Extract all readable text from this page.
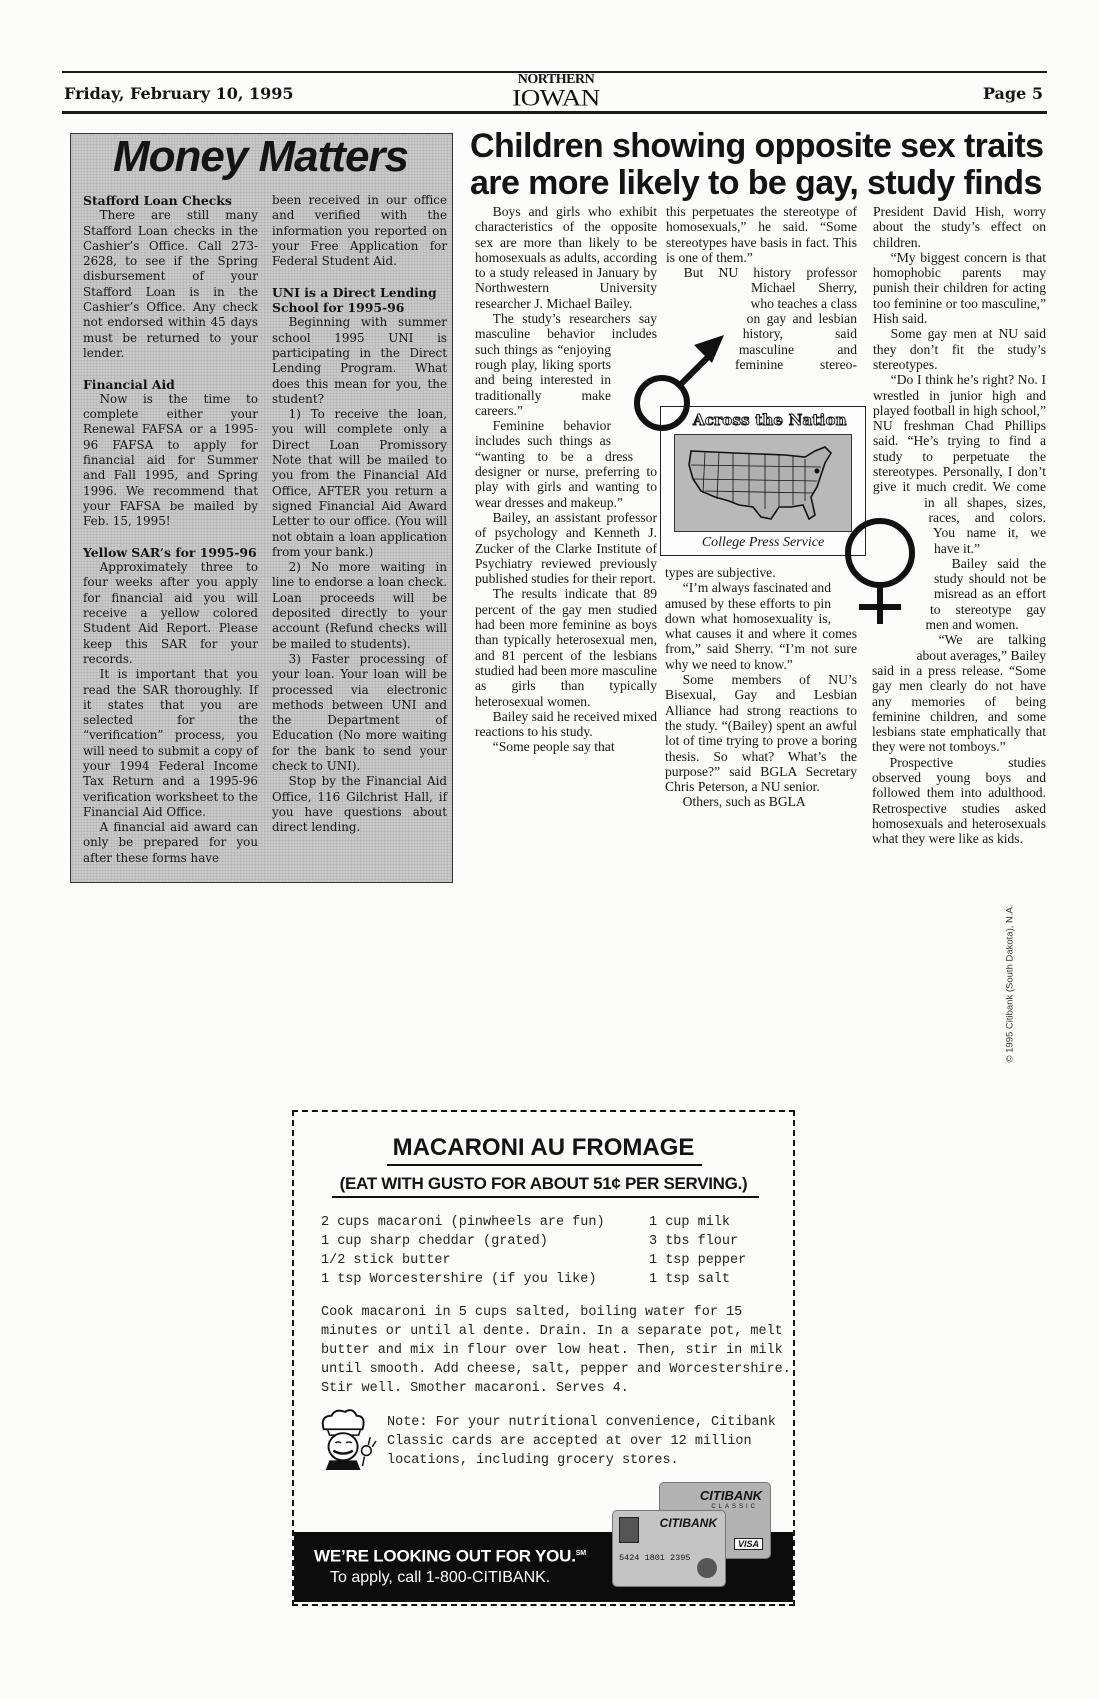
Friday, February 10, 1995
NORTHERN
IOWAN	Page 5
Money Matters
Stafford Loan Checks

There are still many Stafford Loan checks in the Cashier’s Office. Call 273-2628, to see if the Spring disbursement of your Stafford Loan is in the Cashier’s Office. Any check not endorsed within 45 days must be returned to your lender.

Financial Aid

Now is the time to complete either your Renewal FAFSA or a 1995-96 FAFSA to apply for financial aid for Summer and Fall 1995, and Spring 1996. We recommend that your FAFSA be mailed by Feb. 15, 1995!

Yellow SAR’s for 1995-96

Approximately three to four weeks after you apply for financial aid you will receive a yellow colored Student Aid Report. Please keep this SAR for your records.

It is important that you read the SAR thoroughly. If it states that you are selected for the “verification” process, you will need to submit a copy of your 1994 Federal Income Tax Return and a 1995-96 verification worksheet to the Financial Aid Office.

A financial aid award can only be prepared for you after these forms have

been received in our office and verified with the information you reported on your Free Application for Federal Student Aid.

UNI is a Direct Lending School for 1995-96

Beginning with summer school 1995 UNI is participating in the Direct Lending Program. What does this mean for you, the student?

1) To receive the loan, you will complete only a Direct Loan Promissory Note that will be mailed to you from the Financial AId Office, AFTER you return a signed Financial Aid Award Letter to our office. (You will not obtain a loan application from your bank.)

2) No more waiting in line to endorse a loan check. Loan proceeds will be deposited directly to your account (Refund checks will be mailed to students).

3) Faster processing of your loan. Your loan will be processed via electronic methods between UNI and the Department of Education (No more waiting for the bank to send your check to UNI).

Stop by the Financial Aid Office, 116 Gilchrist Hall, if you have questions about direct lending.

Children showing opposite sex traits are more likely to be gay, study finds

Boys and girls who exhibit characteristics of the opposite sex are more than likely to be homosexuals as adults, according to a study released in January by Northwestern University researcher J. Michael Bailey.

The study’s researchers say masculine behavior includes such things as “enjoying rough play, liking sports and being interested in traditionally make careers.”

Feminine behavior includes such things as “wanting to be a dress designer or nurse, preferring to play with girls and wanting to wear dresses and makeup.”

Bailey, an assistant professor of psychology and Kenneth J. Zucker of the Clarke Institute of Psychiatry reviewed previously published studies for their report.

The results indicate that 89 percent of the gay men studied had been more feminine as boys than typically heterosexual men, and 81 percent of the lesbians studied had been more masculine as girls than typically heterosexual women.

Bailey said he received mixed reactions to his study.

“Some people say that

this perpetuates the stereotype of homosexuals,” he said. “Some stereotypes have basis in fact. This is one of them.”

But NU history professor Michael Sherry, who teaches a class on gay and lesbian history, said masculine and feminine stereo-

Across the Nation
College Press Service

types are subjective.

“I’m always fascinated and amused by these efforts to pin down what homosexuality is, what causes it and where it comes from,” said Sherry. “I’m not sure why we need to know.”

Some members of NU’s Bisexual, Gay and Lesbian Alliance had strong reactions to the study. “(Bailey) spent an awful lot of time trying to prove a boring thesis. So what? What’s the purpose?” said BGLA Secretary Chris Peterson, a NU senior.

Others, such as BGLA

President David Hish, worry about the study’s effect on children.

“My biggest concern is that homophobic parents may punish their children for acting too feminine or too masculine,” Hish said.

Some gay men at NU said they don’t fit the study’s stereotypes.

“Do I think he’s right? No. I wrestled in junior high and played football in high school,” NU freshman Chad Phillips said. “He’s trying to find a study to perpetuate the stereotypes. Personally, I don’t give it much credit. We come in all shapes, sizes, races, and colors. You name it, we have it.”

Bailey said the study should not be misread as an effort to stereotype gay men and women.

“We are talking about averages,” Bailey said in a press release. “Some gay men clearly do not have any memories of being feminine children, and some lesbians state emphatically that they were not tomboys.”

Prospective studies observed young boys and followed them into adulthood. Retrospective studies asked homosexuals and heterosexuals what they were like as kids.

© 1995 Citibank (South Dakota), N.A.
MACARONI AU FROMAGE
(EAT WITH GUSTO FOR ABOUT 51¢ PER SERVING.)
2 cups macaroni (pinwheels are fun)
1 cup sharp cheddar (grated)
1/2 stick butter
1 tsp Worcestershire (if you like)
1 cup milk
3 tbs flour
1 tsp pepper
1 tsp salt
Cook macaroni in 5 cups salted, boiling water for 15
minutes or until al dente. Drain. In a separate pot, melt
butter and mix in flour over low heat. Then, stir in milk
until smooth. Add cheese, salt, pepper and Worcestershire.
Stir well. Smother macaroni. Serves 4.
Note: For your nutritional convenience, Citibank
Classic cards are accepted at over 12 million
locations, including grocery stores.
WE’RE LOOKING OUT FOR YOU.℠
To apply, call 1-800-CITIBANK.
CITIBANK
CLASSIC
VISA
CITIBANK
5424 1801 2395
